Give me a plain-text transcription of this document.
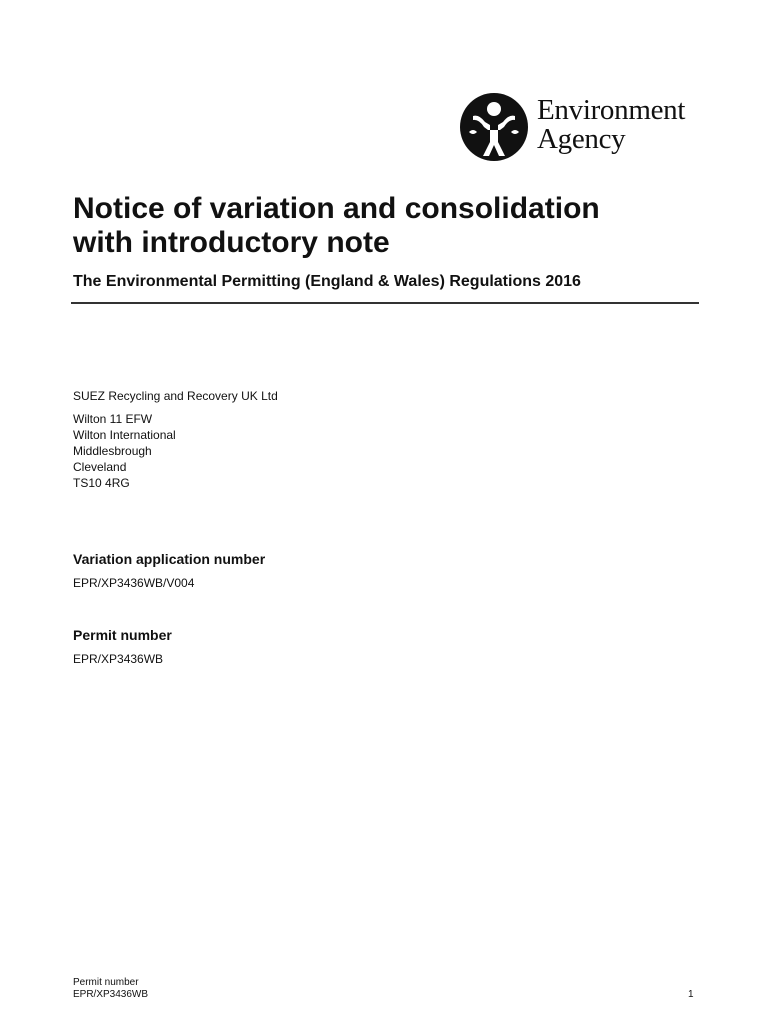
Environment
Agency
Notice of variation and consolidation
with introductory note

The Environmental Permitting (England & Wales) Regulations 2016

SUEZ Recycling and Recovery UK Ltd

Wilton 11 EFW
Wilton International
Middlesbrough
Cleveland
TS10 4RG
Variation application number

EPR/XP3436WB/V004

Permit number

EPR/XP3436WB

Permit number
EPR/XP3436WB	1
